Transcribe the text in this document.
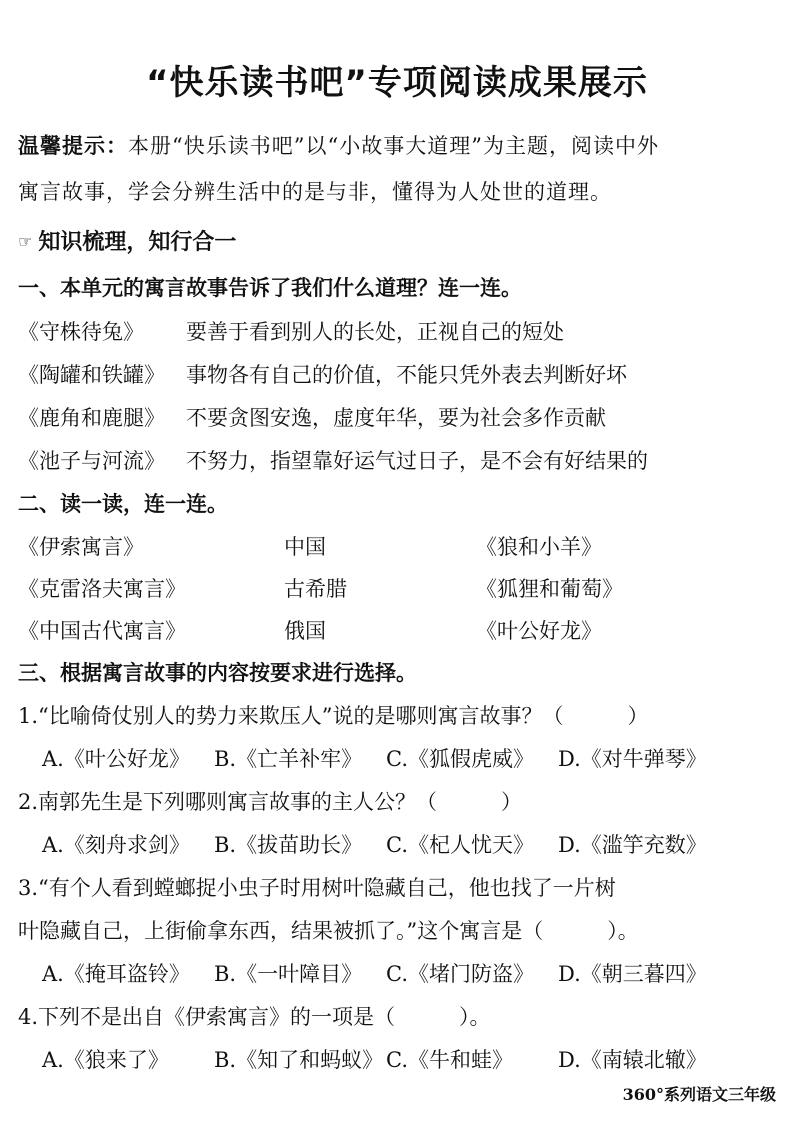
“快乐读书吧”专项阅读成果展示
温馨提示：本册“快乐读书吧”以“小故事大道理”为主题，阅读中外
寓言故事，学会分辨生活中的是与非，懂得为人处世的道理。
☞ 知识梳理，知行合一
一、本单元的寓言故事告诉了我们什么道理？连一连。
《守株待兔》 要善于看到别人的长处，正视自己的短处
《陶罐和铁罐》 事物各有自己的价值，不能只凭外表去判断好坏
《鹿角和鹿腿》 不要贪图安逸，虚度年华，要为社会多作贡献
《池子与河流》 不努力，指望靠好运气过日子，是不会有好结果的
二、读一读，连一连。
《伊索寓言》	中国	《狼和小羊》
《克雷洛夫寓言》	古希腊	《狐狸和葡萄》
《中国古代寓言》	俄国	《叶公好龙》
三、根据寓言故事的内容按要求进行选择。
1.“比喻倚仗别人的势力来欺压人”说的是哪则寓言故事？（	）
A.《叶公好龙》 B.《亡羊补牢》 C.《狐假虎威》 D.《对牛弹琴》
2.南郭先生是下列哪则寓言故事的主人公？（	）
A.《刻舟求剑》 B.《拔苗助长》 C.《杞人忧天》 D.《滥竽充数》
3.“有个人看到螳螂捉小虫子时用树叶隐藏自己，他也找了一片树
叶隐藏自己，上街偷拿东西，结果被抓了。”这个寓言是（	）。
A.《掩耳盗铃》 B.《一叶障目》 C.《堵门防盗》 D.《朝三暮四》
4.下列不是出自《伊索寓言》的一项是（	）。
A.《狼来了》 B.《知了和蚂蚁》 C.《牛和蛙》 D.《南辕北辙》
360°系列语文三年级
